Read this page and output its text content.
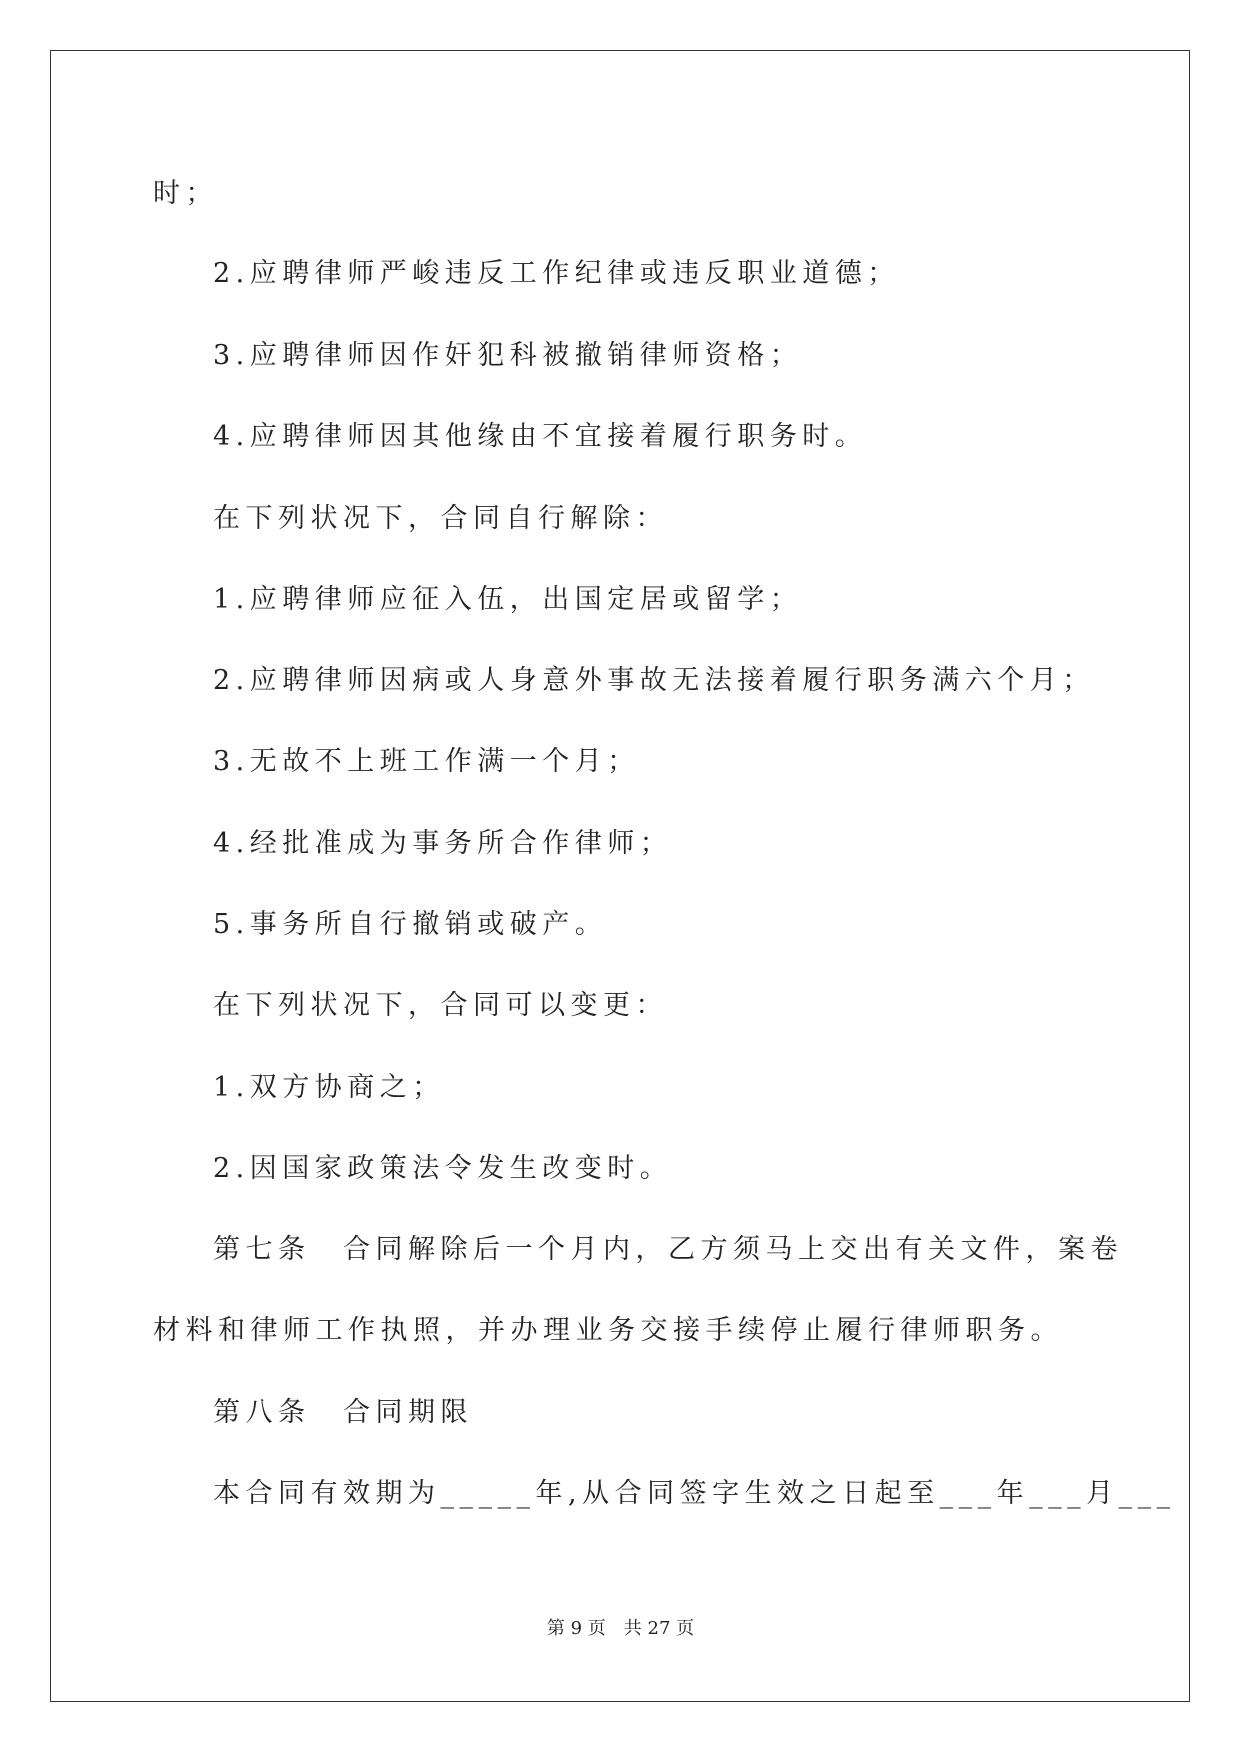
时；
2.应聘律师严峻违反工作纪律或违反职业道德；
3.应聘律师因作奸犯科被撤销律师资格；
4.应聘律师因其他缘由不宜接着履行职务时。
在下列状况下，合同自行解除：
1.应聘律师应征入伍，出国定居或留学；
2.应聘律师因病或人身意外事故无法接着履行职务满六个月；
3.无故不上班工作满一个月；
4.经批准成为事务所合作律师；
5.事务所自行撤销或破产。
在下列状况下，合同可以变更：
1.双方协商之；
2.因国家政策法令发生改变时。
第七条　合同解除后一个月内，乙方须马上交出有关文件，案卷
材料和律师工作执照，并办理业务交接手续停止履行律师职务。
第八条　合同期限
本合同有效期为_____年,从合同签字生效之日起至___年___月___
第 9 页　共 27 页
